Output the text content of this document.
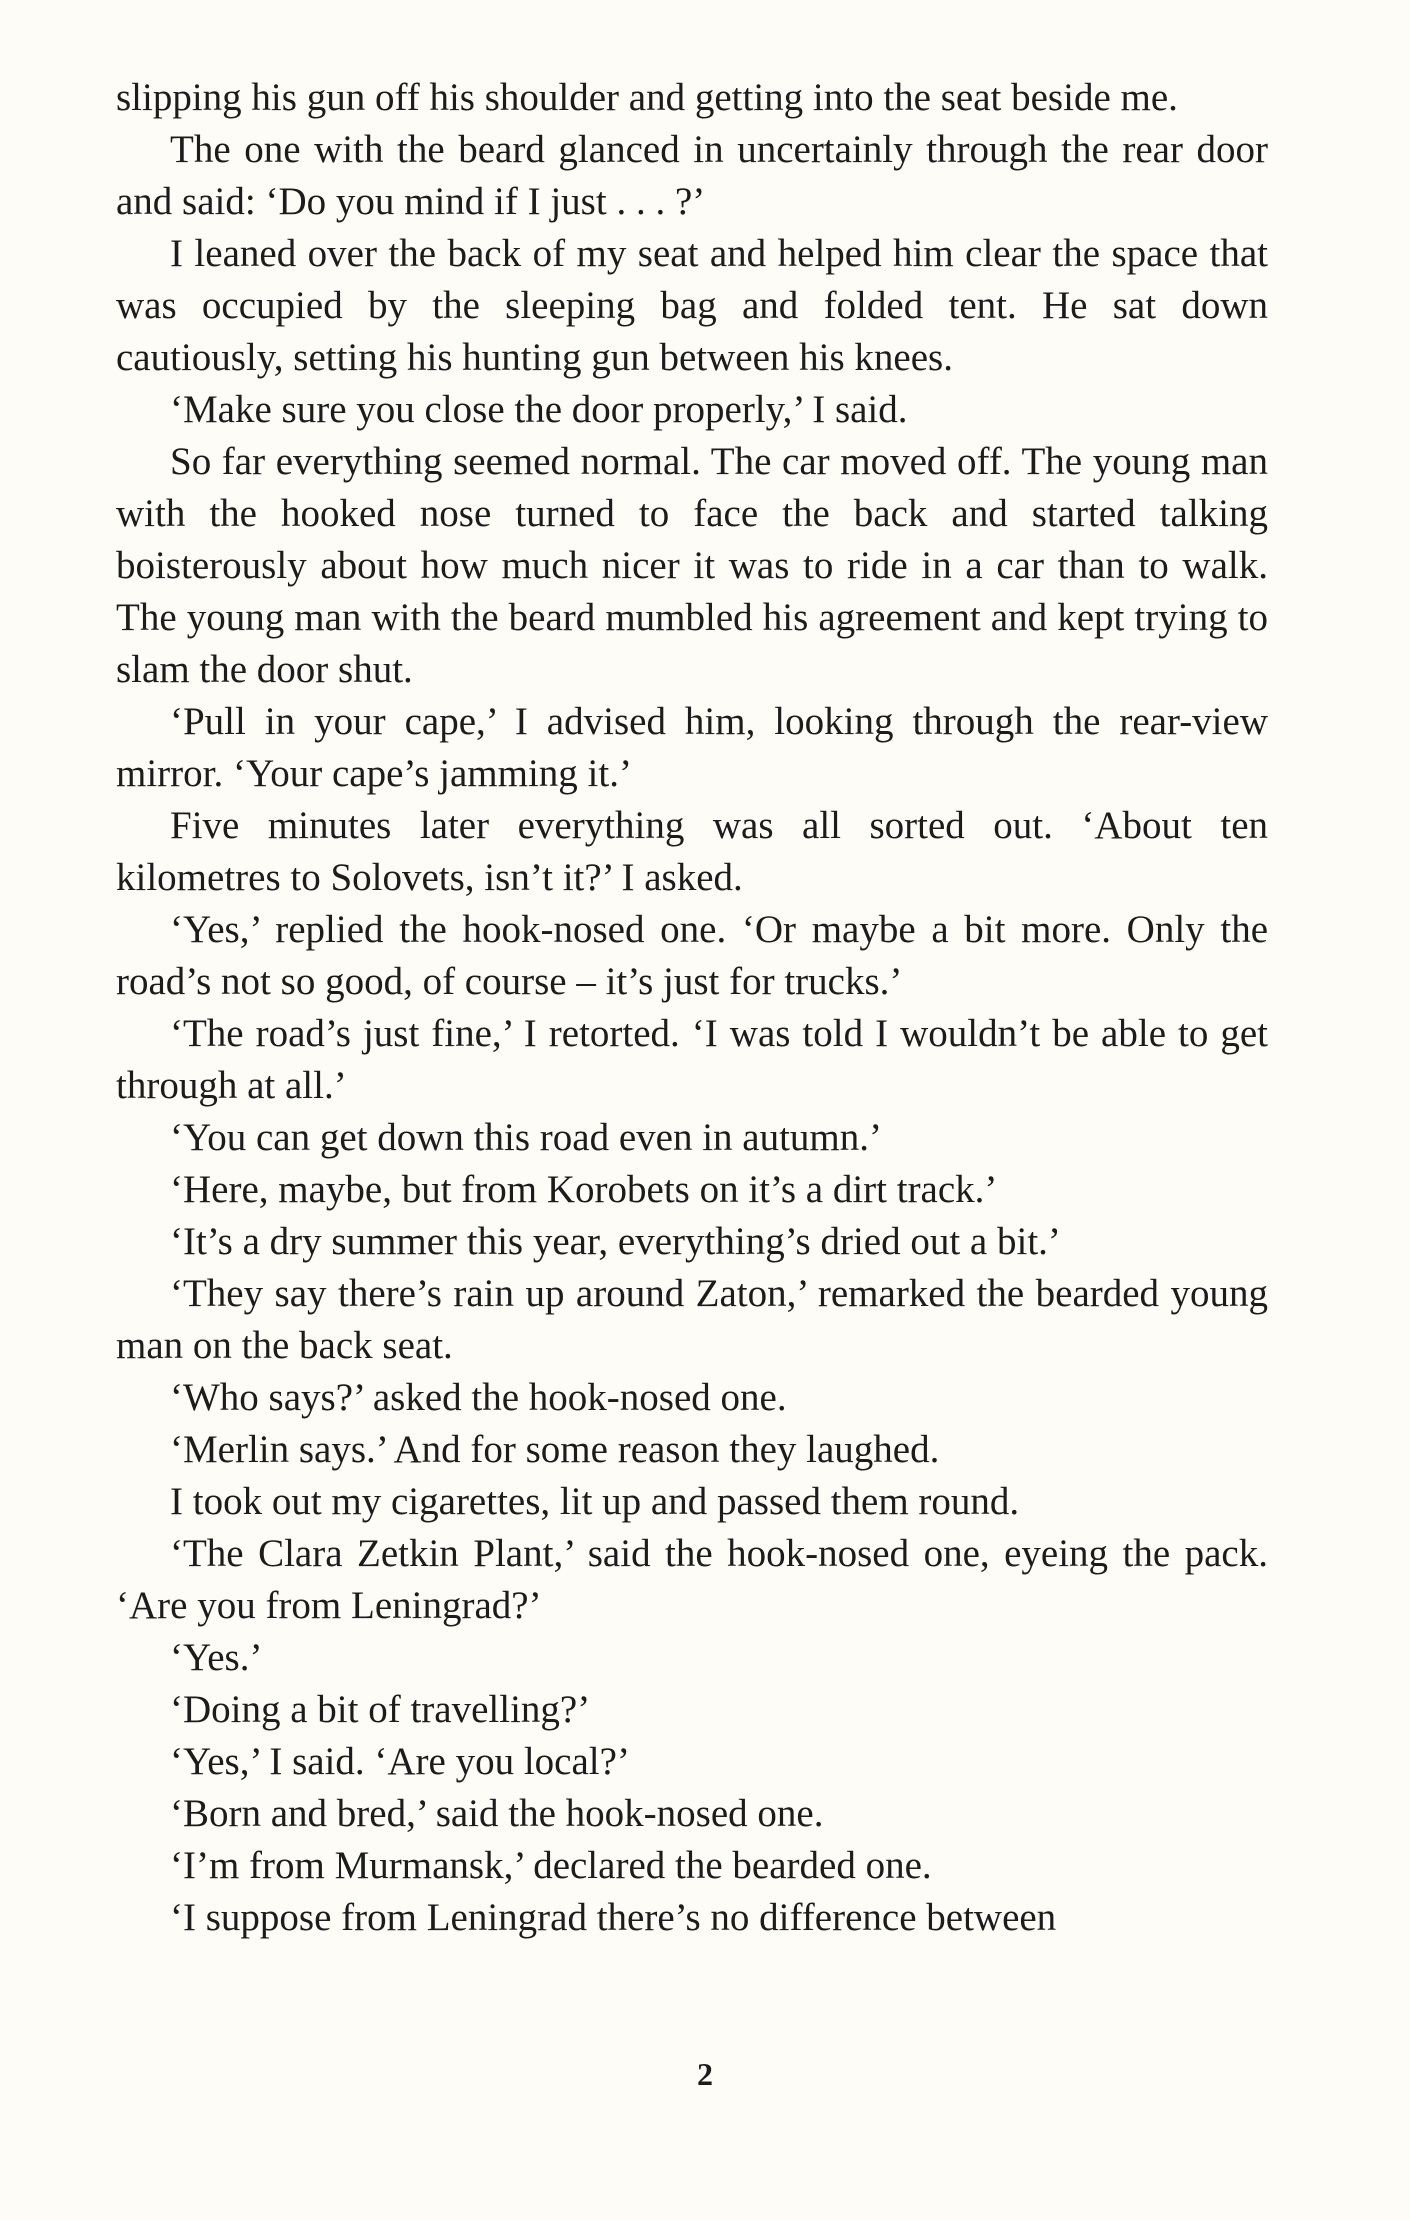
slipping his gun off his shoulder and getting into the seat beside me.

The one with the beard glanced in uncertainly through the rear door and said: ‘Do you mind if I just . . . ?’

I leaned over the back of my seat and helped him clear the space that was occupied by the sleeping bag and folded tent. He sat down cautiously, setting his hunting gun between his knees.

‘Make sure you close the door properly,’ I said.

So far everything seemed normal. The car moved off. The young man with the hooked nose turned to face the back and started talking boisterously about how much nicer it was to ride in a car than to walk. The young man with the beard mumbled his agreement and kept trying to slam the door shut.

‘Pull in your cape,’ I advised him, looking through the rear-view mirror. ‘Your cape’s jamming it.’

Five minutes later everything was all sorted out. ‘About ten kilometres to Solovets, isn’t it?’ I asked.

‘Yes,’ replied the hook-nosed one. ‘Or maybe a bit more. Only the road’s not so good, of course – it’s just for trucks.’

‘The road’s just fine,’ I retorted. ‘I was told I wouldn’t be able to get through at all.’

‘You can get down this road even in autumn.’

‘Here, maybe, but from Korobets on it’s a dirt track.’

‘It’s a dry summer this year, everything’s dried out a bit.’

‘They say there’s rain up around Zaton,’ remarked the bearded young man on the back seat.

‘Who says?’ asked the hook-nosed one.

‘Merlin says.’ And for some reason they laughed.

I took out my cigarettes, lit up and passed them round.

‘The Clara Zetkin Plant,’ said the hook-nosed one, eyeing the pack. ‘Are you from Leningrad?’

‘Yes.’

‘Doing a bit of travelling?’

‘Yes,’ I said. ‘Are you local?’

‘Born and bred,’ said the hook-nosed one.

‘I’m from Murmansk,’ declared the bearded one.

‘I suppose from Leningrad there’s no difference between

2
